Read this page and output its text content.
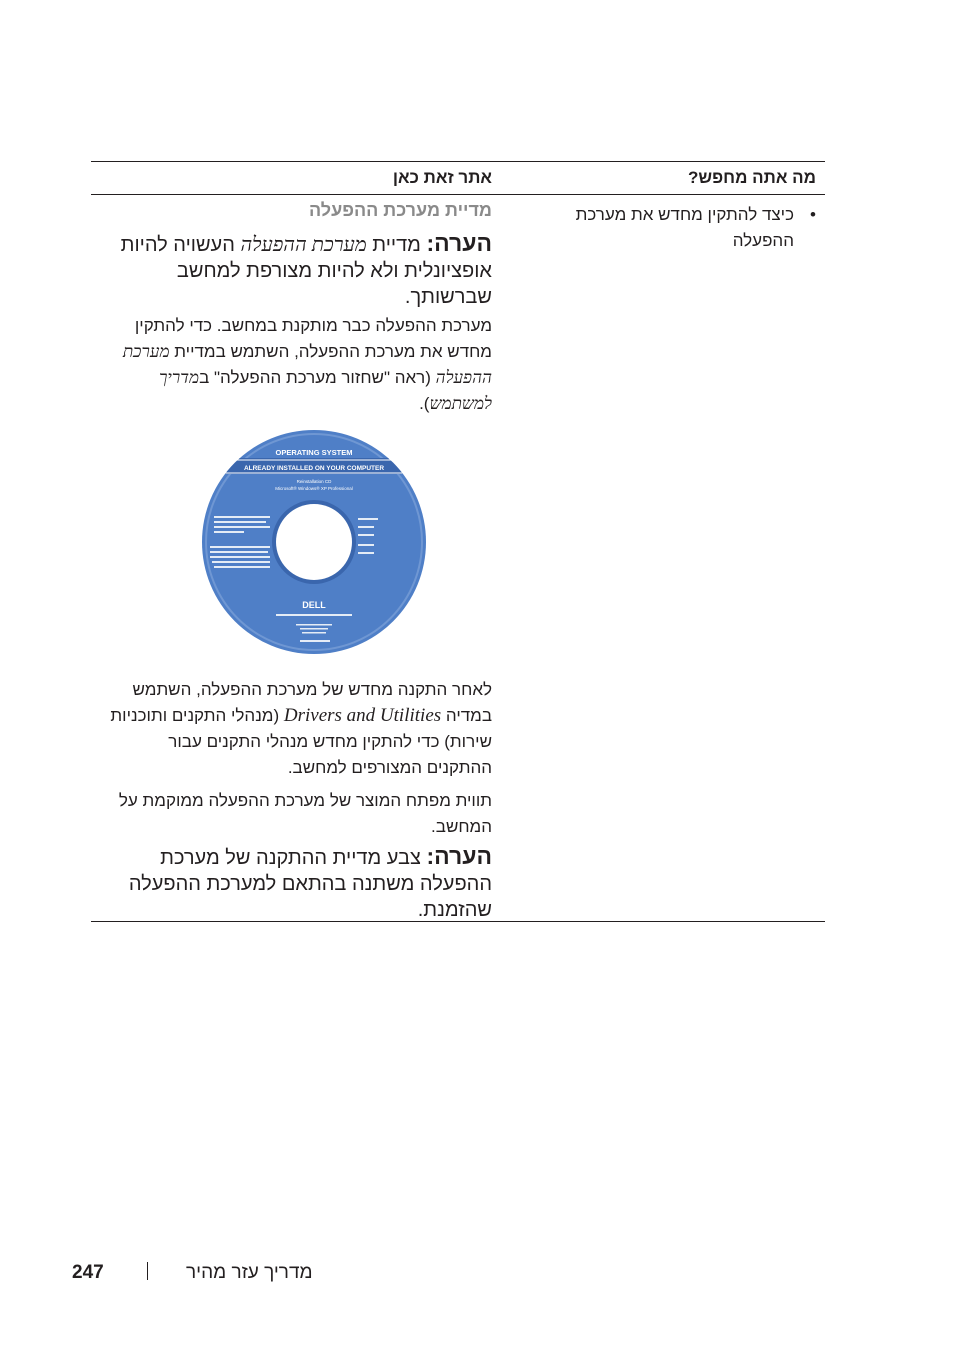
מה אתה מחפש?
אתר זאת כאן
•
כיצד להתקין מחדש את מערכת ההפעלה
מדיית מערכת ההפעלה
הערה: מדיית מערכת ההפעלה העשויה להיות אופציונלית ולא להיות מצורפת למחשב שברשותך.
מערכת ההפעלה כבר מותקנת במחשב. כדי להתקין מחדש את מערכת ההפעלה, השתמש במדיית מערכת ההפעלה (ראה "שחזור מערכת ההפעלה" במדריך למשתמש).
OPERATING SYSTEM
ALREADY INSTALLED ON YOUR COMPUTER
Reinstallation CD
Microsoft® Windows® XP Professional
DELL
לאחר התקנה מחדש של מערכת ההפעלה, השתמש במדיה Drivers and Utilities (מנהלי התקנים ותוכניות שירות) כדי להתקין מחדש מנהלי התקנים עבור ההתקנים המצורפים למחשב.
תווית מפתח המוצר של מערכת ההפעלה ממוקמת על המחשב.
הערה: צבע מדיית ההתקנה של מערכת ההפעלה משתנה בהתאם למערכת ההפעלה שהזמנת.
מדריך עזר מהיר
247
